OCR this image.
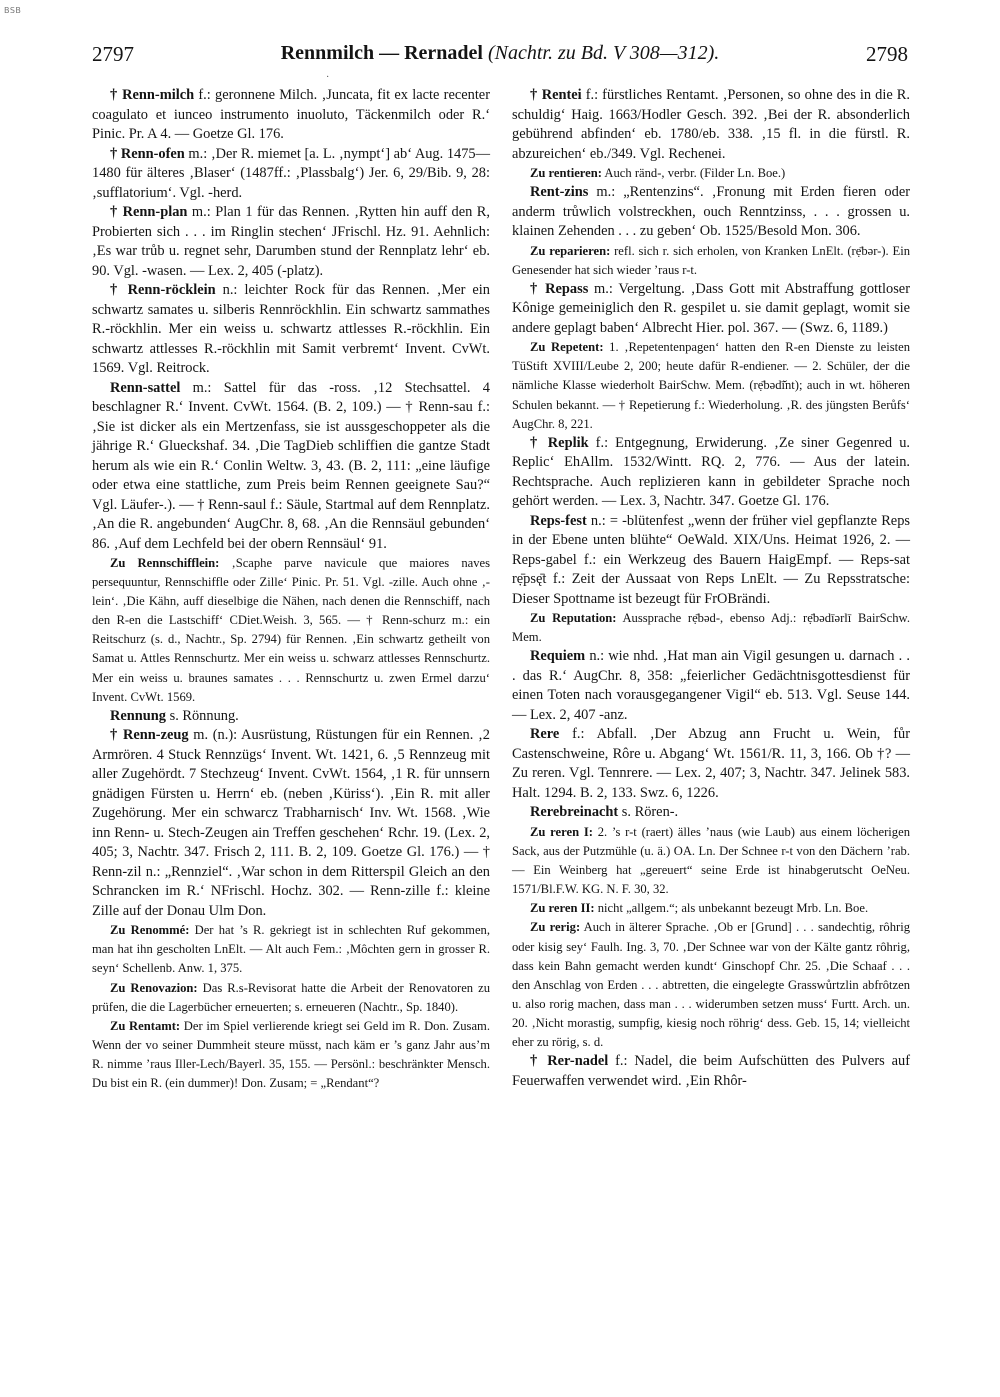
BSB
2797	Rennmilch — Rernadel (Nachtr. zu Bd. V 308—312).	2798
·

† Renn-milch f.: geronnene Milch. ‚Juncata, fit ex lacte recenter coagulato et iunceo instrumento inuoluto, Täckenmilch oder R.‘ Pinic. Pr. A 4. — Goetze Gl. 176.

† Renn-ofen m.: ‚Der R. miemet [a. L. ‚nympt‘] ab‘ Aug. 1475—1480 für älteres ‚Blaser‘ (1487ff.: ‚Plassbalg‘) Jer. 6, 29/Bib. 9, 28: ‚sufflatorium‘. Vgl. -herd.

† Renn-plan m.: Plan 1 für das Rennen. ‚Rytten hin auff den R, Probierten sich . . . im Ringlin stechen‘ JFrischl. Hz. 91. Aehnlich: ‚Es war trůb u. regnet sehr, Darumben stund der Rennplatz lehr‘ eb. 90. Vgl. -wasen. — Lex. 2, 405 (-platz).

† Renn-röcklein n.: leichter Rock für das Rennen. ‚Mer ein schwartz samates u. silberis Rennröckhlin. Ein schwartz sammathes R.-röckhlin. Mer ein weiss u. schwartz attlesses R.-röckhlin. Ein schwartz attlesses R.-röckhlin mit Samit verbremt‘ Invent. CvWt. 1569. Vgl. Reitrock.

Renn-sattel m.: Sattel für das -ross. ‚12 Stechsattel. 4 beschlagner R.‘ Invent. CvWt. 1564. (B. 2, 109.) — † Renn-sau f.: ‚Sie ist dicker als ein Mertzenfass, sie ist aussgeschoppeter als die jährige R.‘ Glueckshaf. 34. ‚Die TagDieb schliffien die gantze Stadt herum als wie ein R.‘ Conlin Weltw. 3, 43. (B. 2, 111: „eine läufige oder etwa eine stattliche, zum Preis beim Rennen geeignete Sau?“ Vgl. Läufer-.). — † Renn-saul f.: Säule, Startmal auf dem Rennplatz. ‚An die R. angebunden‘ AugChr. 8, 68. ‚An die Rennsäul gebunden‘ 86. ‚Auf dem Lechfeld bei der obern Rennsäul‘ 91.

Zu Rennschifflein: ‚Scaphe parve navicule que maiores naves persequuntur, Rennschiffle oder Zille‘ Pinic. Pr. 51. Vgl. -zille. Auch ohne ‚-lein‘. ‚Die Kähn, auff dieselbige die Nähen, nach denen die Rennschiff, nach den R-en die Lastschiff‘ CDiet.Weish. 3, 565. — † Renn-schurz m.: ein Reitschurz (s. d., Nachtr., Sp. 2794) für Rennen. ‚Ein schwartz getheilt von Samat u. Attles Rennschurtz. Mer ein weiss u. schwarz attlesses Rennschurtz. Mer ein weiss u. braunes samates . . . Rennschurtz u. zwen Ermel darzu‘ Invent. CvWt. 1569.

Rennung s. Rönnung.

† Renn-zeug m. (n.): Ausrüstung, Rüstungen für ein Rennen. ‚2 Armrören. 4 Stuck Rennzügs‘ Invent. Wt. 1421, 6. ‚5 Rennzeug mit aller Zugehördt. 7 Stechzeug‘ Invent. CvWt. 1564, ‚1 R. für unnsern gnädigen Fürsten u. Herrn‘ eb. (neben ‚Küriss‘). ‚Ein R. mit aller Zugehörung. Mer ein schwarcz Trabharnisch‘ Inv. Wt. 1568. ‚Wie inn Renn- u. Stech-Zeugen ain Treffen geschehen‘ Rchr. 19. (Lex. 2, 405; 3, Nachtr. 347. Frisch 2, 111. B. 2, 109. Goetze Gl. 176.) — † Renn-zil n.: „Rennziel“. ‚War schon in dem Ritterspil Gleich an den Schrancken im R.‘ NFrischl. Hochz. 302. — Renn-zille f.: kleine Zille auf der Donau Ulm Don.

Zu Renommé: Der hat ’s R. gekriegt ist in schlechten Ruf gekommen, man hat ihn gescholten LnElt. — Alt auch Fem.: ‚Môchten gern in grosser R. seyn‘ Schellenb. Anw. 1, 375.

Zu Renovazion: Das R.s-Revisorat hatte die Arbeit der Renovatoren zu prüfen, die die Lagerbücher erneuerten; s. erneueren (Nachtr., Sp. 1840).

Zu Rentamt: Der im Spiel verlierende kriegt sei Geld im R. Don. Zusam. Wenn der vo seiner Dummheit steure müsst, nach käm er ’s ganz Jahr aus’m R. nimme ’raus Iller-Lech/Bayerl. 35, 155. — Persönl.: beschränkter Mensch. Du bist ein R. (ein dummer)! Don. Zusam; = „Rendant“?

† Rentei f.: fürstliches Rentamt. ‚Personen, so ohne des in die R. schuldig‘ Haig. 1663/Hodler Gesch. 392. ‚Bei der R. absonderlich gebührend abfinden‘ eb. 1780/eb. 338. ‚15 fl. in die fürstl. R. abzureichen‘ eb./349. Vgl. Rechenei.

Zu rentieren: Auch ränd-, verbr. (Filder Ln. Boe.)

Rent-zins m.: „Rentenzins“. ‚Fronung mit Erden fieren oder anderm trůwlich volstreckhen, ouch Renntzinss, . . . grossen u. klainen Zehenden . . . zu geben‘ Ob. 1525/Besold Mon. 306.

Zu reparieren: refl. sich r. sich erholen, von Kranken LnElt. (rẹ̄bǝr-). Ein Genesender hat sich wieder ’raus r-t.

† Repass m.: Vergeltung. ‚Dass Gott mit Abstraffung gottloser Kônige gemeiniglich den R. gespilet u. sie damit geplagt, womit sie andere geplagt baben‘ Albrecht Hier. pol. 367. — (Swz. 6, 1189.)

Zu Repetent: 1. ‚Repetentenpagen‘ hatten den R-en Dienste zu leisten TüStift XVIII/Leube 2, 200; heute dafür R-endiener. — 2. Schüler, der die nämliche Klasse wiederholt BairSchw. Mem. (rẹ̄bǝdī̆nt); auch in wt. höheren Schulen bekannt. — † Repetierung f.: Wiederholung. ‚R. des jüngsten Berůfs‘ AugChr. 8, 221.

† Replik f.: Entgegnung, Erwiderung. ‚Ze siner Gegenred u. Replic‘ EhAllm. 1532/Wintt. RQ. 2, 776. — Aus der latein. Rechtsprache. Auch replizieren kann in gebildeter Sprache noch gehört werden. — Lex. 3, Nachtr. 347. Goetze Gl. 176.

Reps-fest n.: = -blütenfest „wenn der früher viel gepflanzte Reps in der Ebene unten blühte“ OeWald. XIX/Uns. Heimat 1926, 2. — Reps-gabel f.: ein Werkzeug des Bauern HaigEmpf. — Reps-sat rẹ̄psę̄t f.: Zeit der Aussaat von Reps LnElt. — Zu Repsstratsche: Dieser Spottname ist bezeugt für FrOBrändi.

Zu Reputation: Aussprache rẹ̄bǝd-, ebenso Adj.: rẹ̄bǝdīǝrlī BairSchw. Mem.

Requiem n.: wie nhd. ‚Hat man ain Vigil gesungen u. darnach . . . das R.‘ AugChr. 8, 358: „feierlicher Gedächtnisgottesdienst für einen Toten nach vorausgegangener Vigil“ eb. 513. Vgl. Seuse 144. — Lex. 2, 407 -anz.

Rere f.: Abfall. ‚Der Abzug ann Frucht u. Wein, fůr Castenschweine, Rôre u. Abgang‘ Wt. 1561/R. 11, 3, 166. Ob †? — Zu reren. Vgl. Tennrere. — Lex. 2, 407; 3, Nachtr. 347. Jelinek 583. Halt. 1294. B. 2, 133. Swz. 6, 1226.

Rerebreinacht s. Rören-.

Zu reren I: 2. ’s r-t (raert) älles ’naus (wie Laub) aus einem löcherigen Sack, aus der Putzmühle (u. ä.) OA. Ln. Der Schnee r-t von den Dächern ’rab. — Ein Weinberg hat „gereuert“ seine Erde ist hinabgerutscht OeNeu. 1571/Bl.F.W. KG. N. F. 30, 32.

Zu reren II: nicht „allgem.“; als unbekannt bezeugt Mrb. Ln. Boe.

Zu rerig: Auch in älterer Sprache. ‚Ob er [Grund] . . . sandechtig, rôhrig oder kisig sey‘ Faulh. Ing. 3, 70. ‚Der Schnee war von der Kälte gantz rôhrig, dass kein Bahn gemacht werden kundt‘ Ginschopf Chr. 25. ‚Die Schaaf . . . den Anschlag von Erden . . . abtretten, die eingelegte Grasswůrtzlin abfrôtzen u. also rorig machen, dass man . . . widerumben setzen muss‘ Furtt. Arch. un. 20. ‚Nicht morastig, sumpfig, kiesig noch röhrig‘ dess. Geb. 15, 14; vielleicht eher zu rörig, s. d.

† Rer-nadel f.: Nadel, die beim Aufschütten des Pulvers auf Feuerwaffen verwendet wird. ‚Ein Rhôr-
